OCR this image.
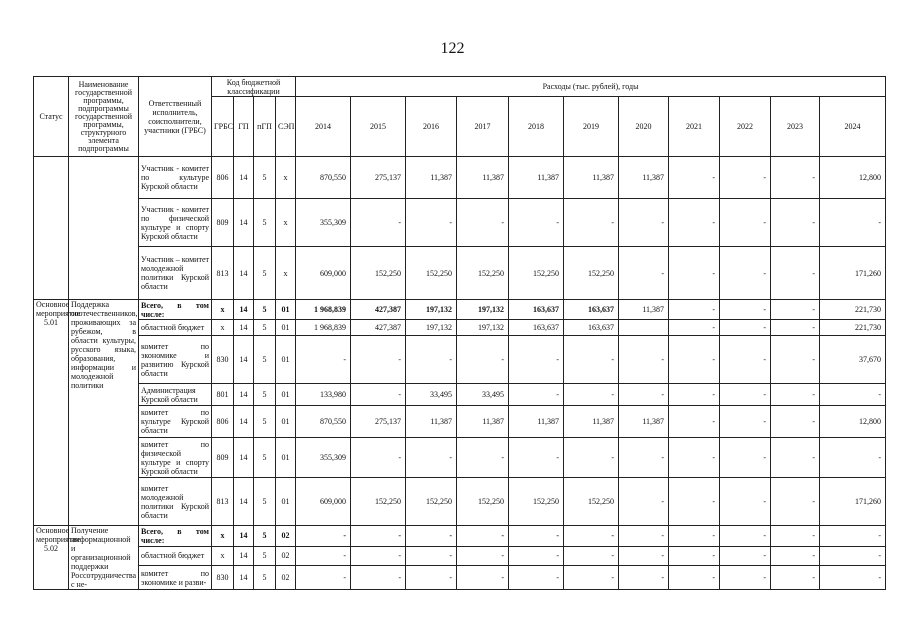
122
Статус	Наименование государственной программы, подпрограммы государственной программы, структурного элемента подпрограммы	Ответственный исполнитель, соисполнители, участники (ГРБС)	Код бюджетной классификации				Расходы (тыс. рублей), годы										
			ГРБС	ГП	пГП	СЭП	2014	2015	2016	2017	2018	2019	2020	2021	2022	2023	2024
		Участник - комитет по культуре Курской области	806	14	5	x	870,550	275,137	11,387	11,387	11,387	11,387	11,387	-	-	-	12,800
		Участник - комитет по физической культуре и спорту Курской области	809	14	5	x	355,309	-	-	-	-	-	-	-	-	-	-
		Участник – комитет молодежной политики Курской области	813	14	5	x	609,000	152,250	152,250	152,250	152,250	152,250	-	-	-	-	171,260
Основное мероприятие 5.01	Поддержка соотечественников, проживающих за рубежом, в области культуры, русского языка, образования, информации и молодежной политики	Всего, в том числе:	x	14	5	01	1 968,839	427,387	197,132	197,132	163,637	163,637	11,387	-	-	-	221,730
		областной бюджет	x	14	5	01	1 968,839	427,387	197,132	197,132	163,637	163,637		-	-	-	221,730
		комитет по экономике и развитию Курской области	830	14	5	01	-	-	-	-	-	-	-	-	-	-	37,670
		Администрация Курской области	801	14	5	01	133,980	-	33,495	33,495	-	-	-	-	-	-	-
		комитет по культуре Курской области	806	14	5	01	870,550	275,137	11,387	11,387	11,387	11,387	11,387	-	-	-	12,800
		комитет по физической культуре и спорту Курской области	809	14	5	01	355,309	-	-	-	-	-	-	-	-	-	-
		комитет молодежной политики Курской области	813	14	5	01	609,000	152,250	152,250	152,250	152,250	152,250	-	-	-	-	171,260
Основное мероприятие 5.02	Получение информационной и организационной поддержки Россотрудничества с не-	Всего, в том числе:	x	14	5	02	-	-	-	-	-	-	-	-	-	-	-
		областной бюджет	x	14	5	02	-	-	-	-	-	-	-	-	-	-	-
		комитет по экономике и разви-	830	14	5	02	-	-	-	-	-	-	-	-	-	-	-
